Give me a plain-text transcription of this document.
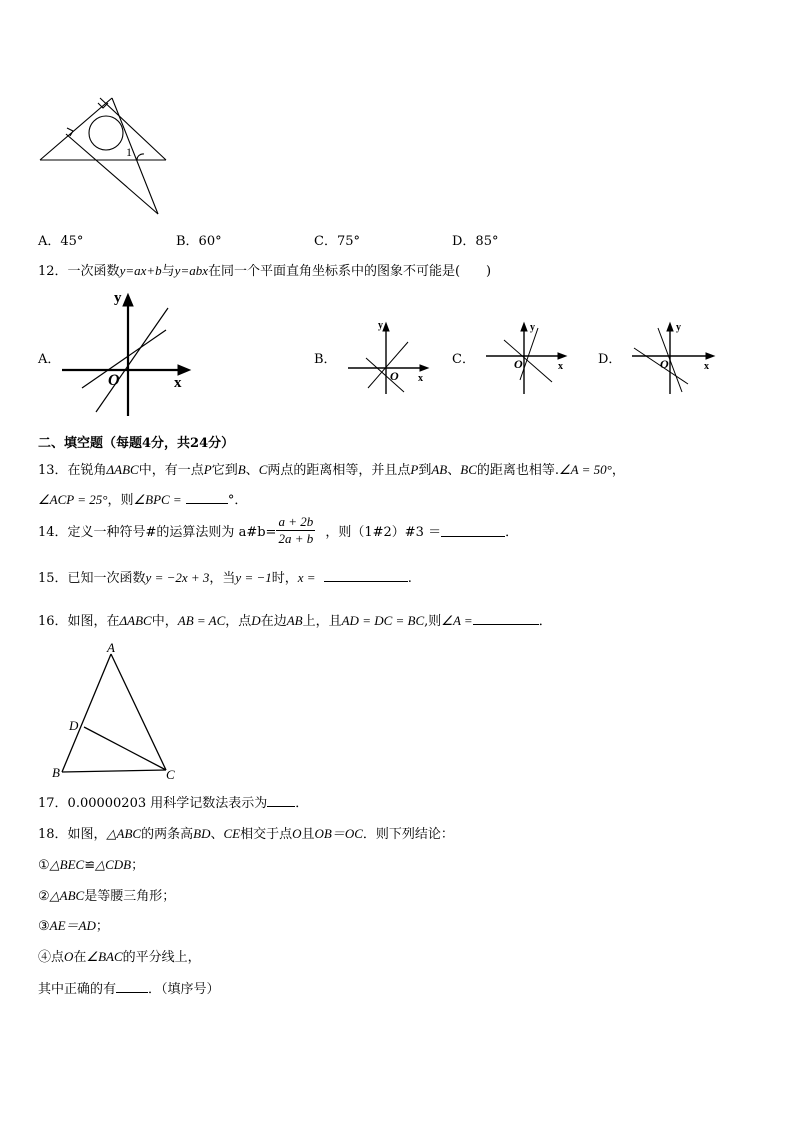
1
A．45°	B．60°	C．75°	D．85°
12．一次函数y=ax+b与y=abx在同一个平面直角坐标系中的图象不可能是(　　)
A．
y
x
O
B．
y
x
O
C．
y
x
O	D．
y
x
O
二、填空题（每题4分，共24分）
13．在锐角ΔABC中，有一点P它到B、C两点的距离相等，并且点P到AB、BC的距离也相等.∠A = 50°，
∠ACP = 25°，则∠BPC =	°．
14．定义一种符号#的运算法则为 a#b= $\frac{a + 2b}{2a + b}$ ，则（1#2）#3 ＝	．
15．已知一次函数y = −2x + 3，当y = −1时，x =	.
16．如图，在ΔABC中，AB = AC，点D在边AB上，且AD = DC = BC,则∠A =	．
A
D
B	C
17．0.00000203 用科学记数法表示为 ．
18．如图，△ABC的两条高BD、CE相交于点O且OB＝OC．则下列结论：
①△BEC≌△CDB；
②△ABC是等腰三角形；
③AE＝AD；
④点O在∠BAC的平分线上，
其中正确的有 ．（填序号）
